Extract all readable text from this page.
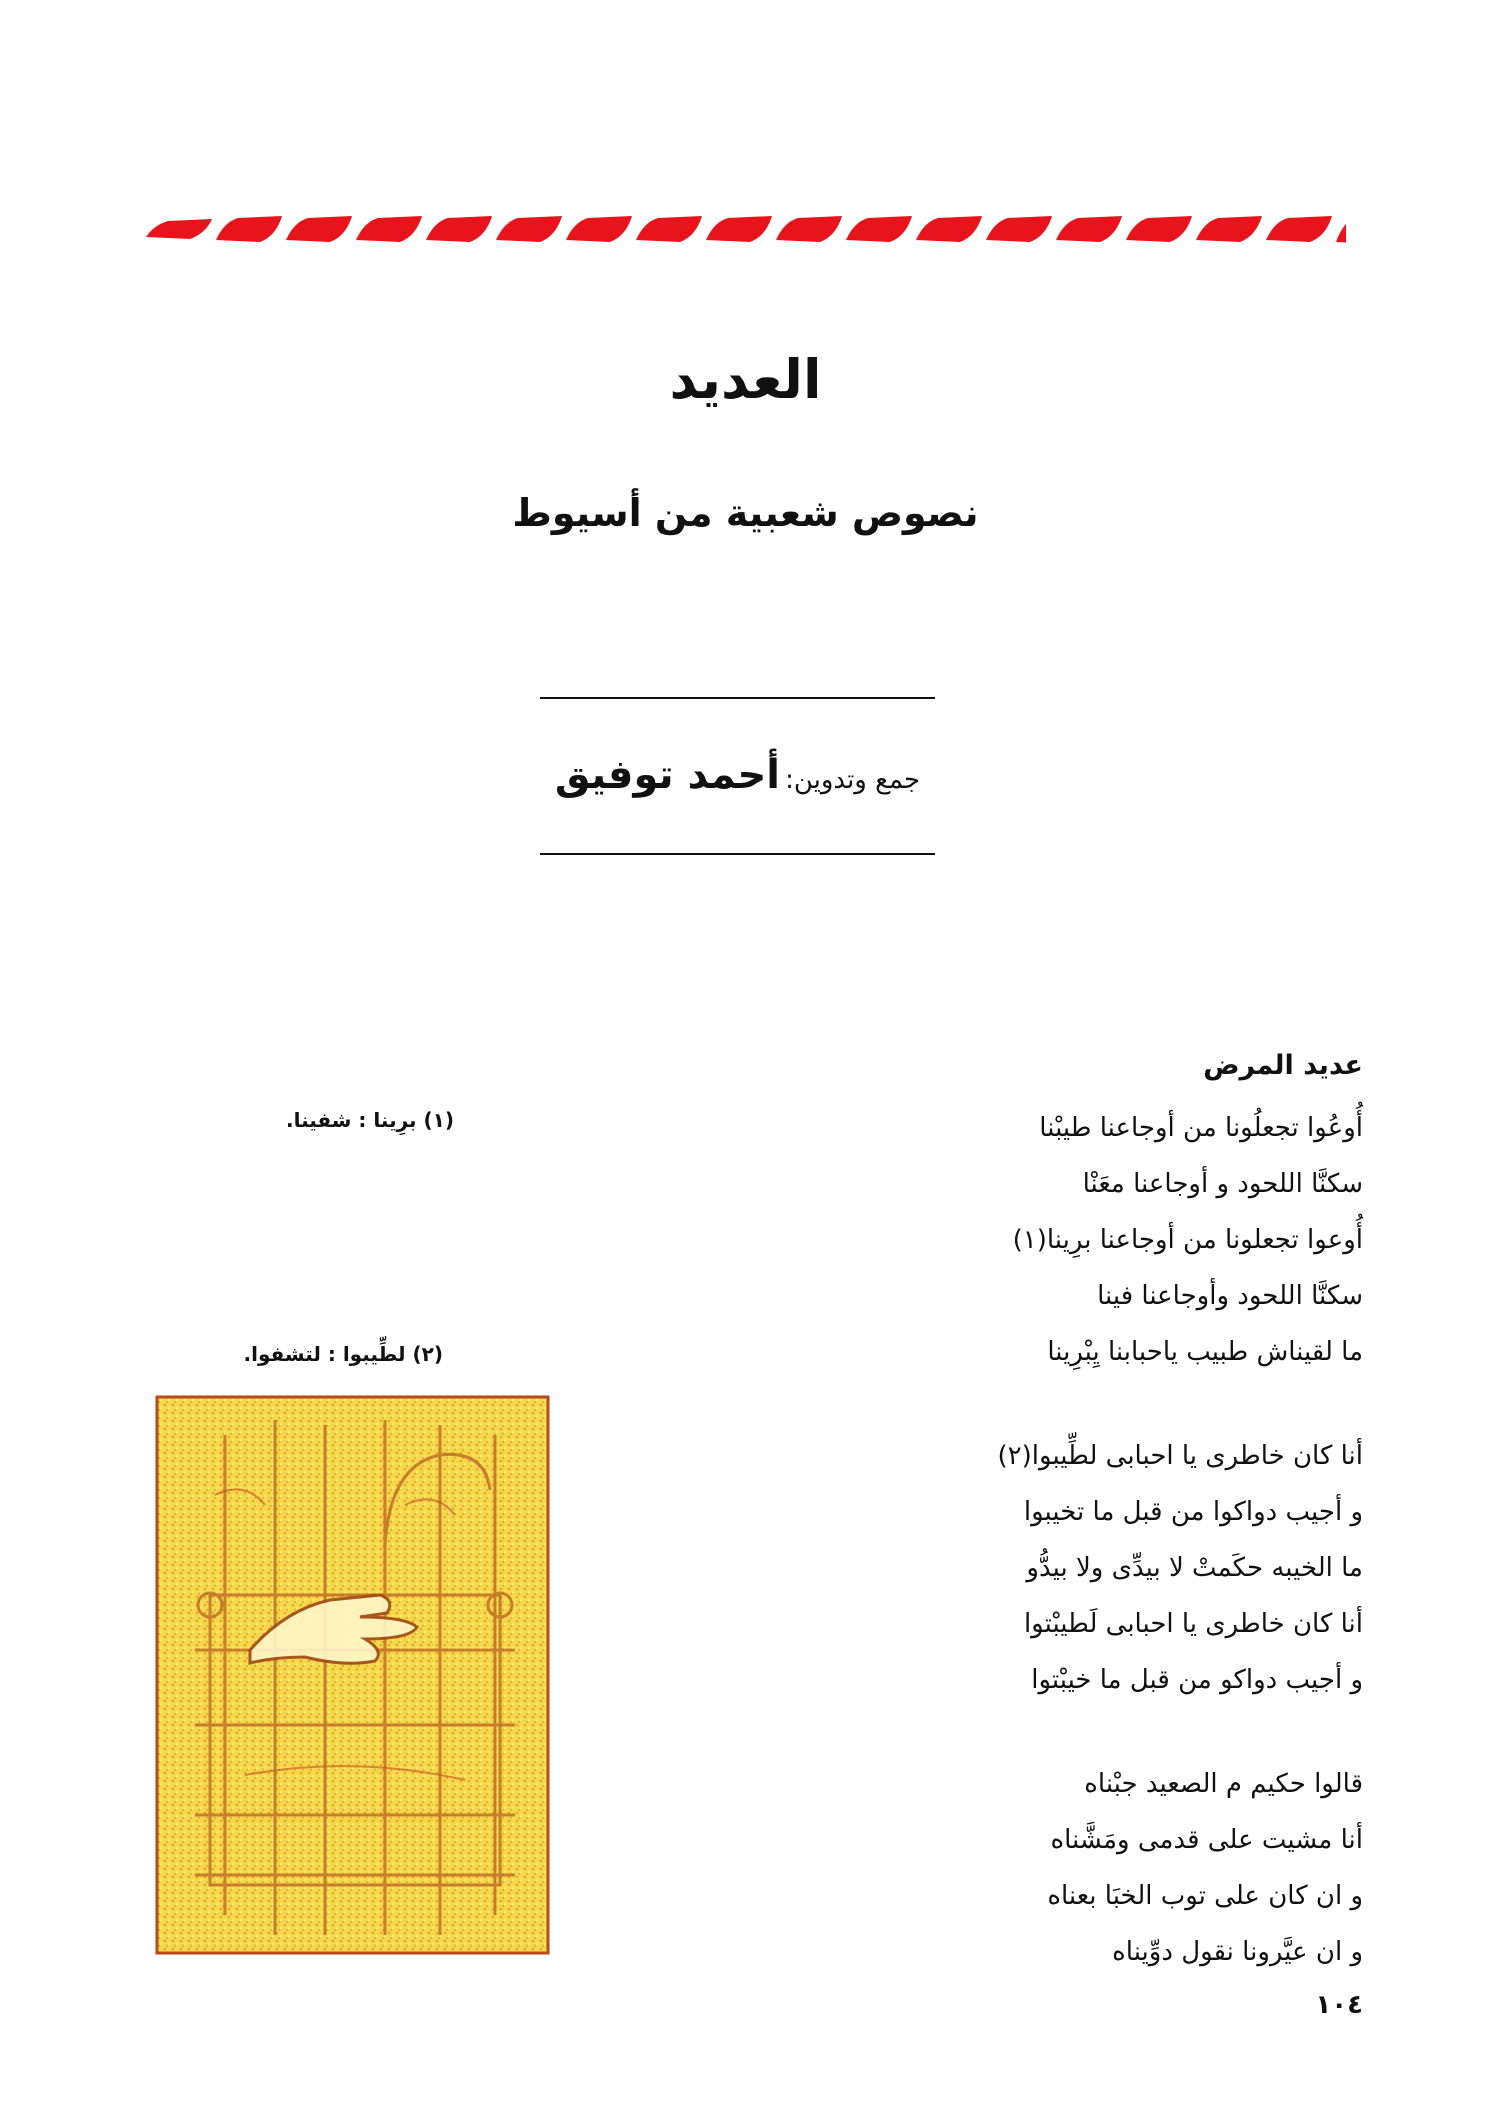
العديد
نصوص شعبية من أسيوط
جمع وتدوين: أحمد توفيق
عديد المرض
أُوعُوا تجعلُونا من أوجاعنا طيبْنا
سكنَّا اللحود و أوجاعنا معَنْا
أُوعوا تجعلونا من أوجاعنا برِينا(١)
سكنَّا اللحود وأوجاعنا فينا
ما لقيناش طبيب ياحبابنا يِبْرِينا
أنا كان خاطرى يا احبابى لطِّيبوا(٢)
و أجيب دواكوا من قبل ما تخيبوا
ما الخيبه حكَمتْ لا بيدِّى ولا بيدُّو
أنا كان خاطرى يا احبابى لَطيبْتوا
و أجيب دواكو من قبل ما خيبْتوا
قالوا حكيم م الصعيد جبْناه
أنا مشيت على قدمى ومَشَّناه
و ان كان على توب الخبَا بعناه
و ان عيَّرونا نقول دوِّيناه
١٠٤
(١) برِينا : شفينا.
(٢) لطِّيبوا : لتشفوا.
